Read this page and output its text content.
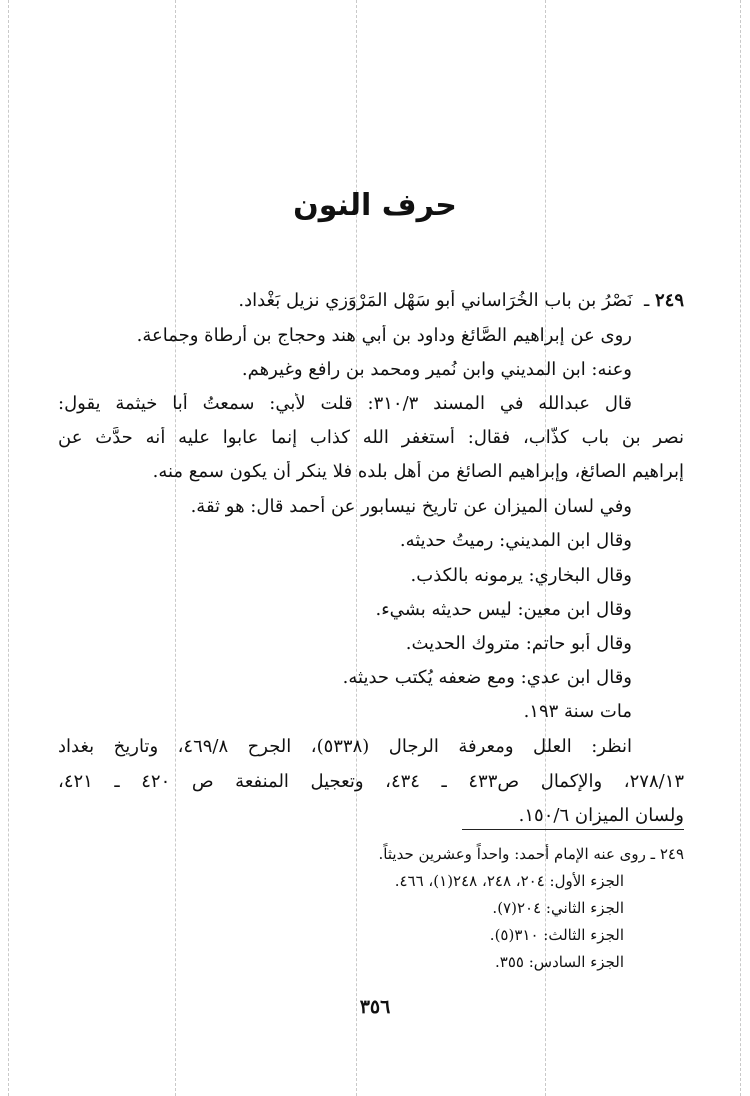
حرف النون
٢٤٩ ـ  نَصْرُ بن باب الخُرَاساني أبو سَهْل المَرْوَزي نزيل بَغْداد.
روى عن إبراهيم الصَّائغ وداود بن أبي هند وحجاج بن أرطاة وجماعة.
وعنه: ابن المديني وابن نُمير ومحمد بن رافع وغيرهم.
قال عبدالله في المسند ٣١٠/٣: قلت لأبي: سمعتُ أبا خيثمة يقول:
نصر بن باب كذَّاب، فقال: أستغفر الله كذاب إنما عابوا عليه أنه حدَّث عن
إبراهيم الصائغ، وإبراهيم الصائغ من أهل بلده فلا ينكر أن يكون سمع منه.
وفي لسان الميزان عن تاريخ نيسابور عن أحمد قال: هو ثقة.
وقال ابن المديني: رميتُ حديثه.
وقال البخاري: يرمونه بالكذب.
وقال ابن معين: ليس حديثه بشيء.
وقال أبو حاتم: متروك الحديث.
وقال ابن عدي: ومع ضعفه يُكتب حديثه.
مات سنة ١٩٣.
انظر: العلل ومعرفة الرجال (٥٣٣٨)، الجرح ٤٦٩/٨، وتاريخ بغداد
٢٧٨/١٣، والإكمال ص٤٣٣ ـ ٤٣٤، وتعجيل المنفعة ص ٤٢٠ ـ ٤٢١،
ولسان الميزان ١٥٠/٦.
٢٤٩ ـ روى عنه الإمام أحمد: واحداً وعشرين حديثاً.
الجزء الأول: ٢٠٤، ٢٤٨، ٢٤٨(١)، ٤٦٦.
الجزء الثاني: ٢٠٤(٧).
الجزء الثالث: ٣١٠(٥).
الجزء السادس: ٣٥٥.
٣٥٦
